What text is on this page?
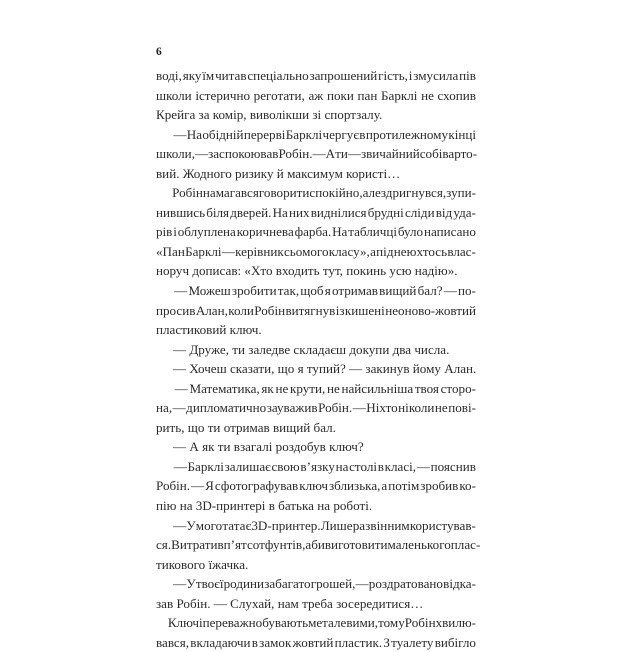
6
воді, яку їм читав спеціально запрошений гість, і змусила пів
школи істерично реготати, аж поки пан Барклі не схопив
Крейга за комір, виволікши зі спортзалу.
— На обідній перерві Барклі чергує в протилежному кінці
школи, — заспокоював Робін. — А ти — звичайний собі варто-
вий. Жодного ризику й максимум користі…
Робін намагався говорити спокійно, але здригнувся, зупи-
нившись біля дверей. На них виднілися брудні сліди від уда-
рів і облуплена коричнева фарба. На табличці було написано
«Пан Барклі — керівник сьомого класу», а під нею хтось влас-
норуч дописав: «Хто входить тут, покинь усю надію».
— Можеш зробити так, щоб я отримав вищий бал? — по-
просив Алан, коли Робін витягнув із кишені неоново-жовтий
пластиковий ключ.
— Друже, ти заледве складаєш докупи два числа.
— Хочеш сказати, що я тупий? — закинув йому Алан.
— Математика, як не крути, не найсильніша твоя сторо-
на, — дипломатично зауважив Робін. — Ніхто ніколи не пові-
рить, що ти отримав вищий бал.
— А як ти взагалі роздобув ключ?
— Барклі залишає свою в’язку на столі в класі, — пояснив
Робін. — Я сфотографував ключ зблизька, а потім зробив ко-
пію на 3D-принтері в батька на роботі.
— У мого тата є 3D-принтер. Лише раз він ним користував-
ся. Витратив п’ятсот фунтів, аби виготовити маленького плас-
тикового їжачка.
— У твоєї родини забагато грошей, — роздратовано відка-
зав Робін. — Слухай, нам треба зосередитися…
Ключі переважно бувають металевими, тому Робін хвилю-
вався, вкладаючи в замок жовтий пластик. З туалету вибігло
